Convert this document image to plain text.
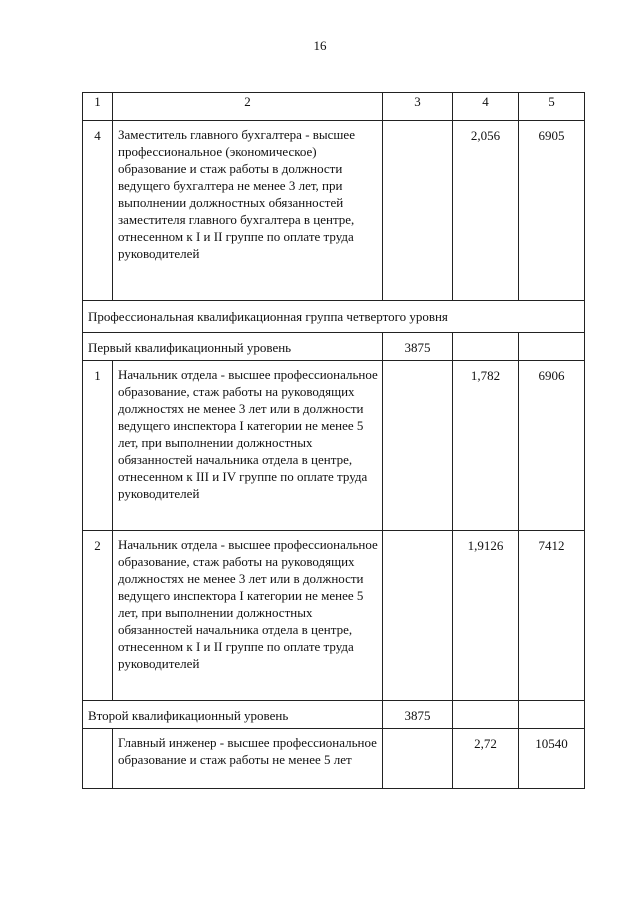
16
1	2	3	4	5
4	Заместитель главного бухгалтера - высшее профессиональное (экономическое) образование и стаж работы в должности ведущего бухгалтера не менее 3 лет, при выполнении должностных обязанностей заместителя главного бухгалтера в центре, отнесенном к I и II группе по оплате труда руководителей		2,056	6905
Профессиональная квалификационная группа четвертого уровня				
Первый квалификационный уровень		3875		
1	Начальник отдела - высшее профессиональное образование, стаж работы на руководящих должностях не менее 3 лет или в должности ведущего инспектора I категории не менее 5 лет, при выполнении должностных обязанностей начальника отдела в центре, отнесенном к III и IV группе по оплате труда руководителей		1,782	6906
2	Начальник отдела - высшее профессиональное образование, стаж работы на руководящих должностях не менее 3 лет или в должности ведущего инспектора I категории не менее 5 лет, при выполнении должностных обязанностей начальника отдела в центре, отнесенном к I и II группе по оплате труда руководителей		1,9126	7412
Второй квалификационный уровень		3875		
	Главный инженер - высшее профессиональное образование и стаж работы не менее 5 лет		2,72	10540
